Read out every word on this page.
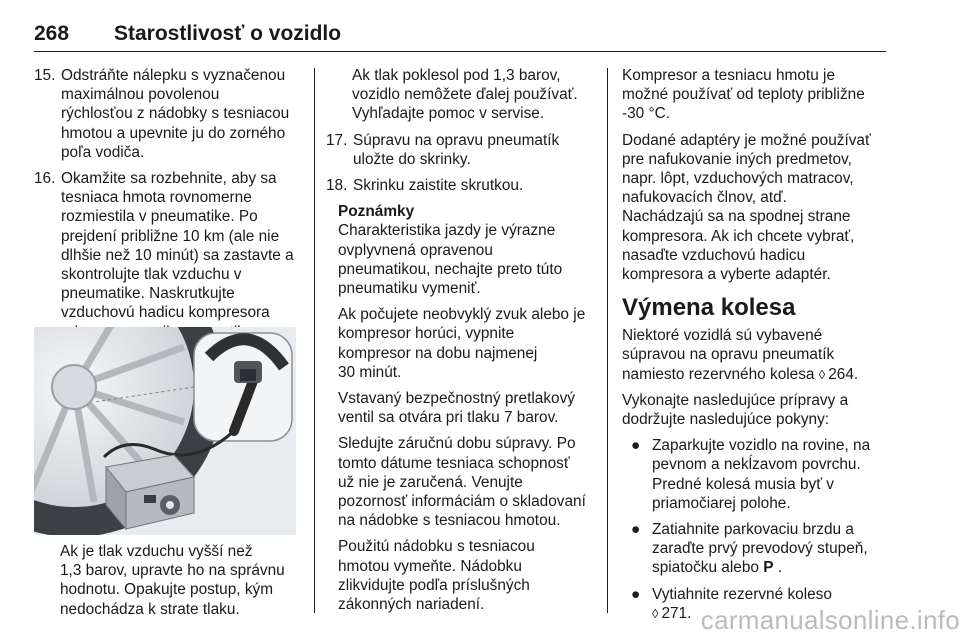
268 Starostlivosť o vozidlo
15. Odstráňte nálepku s vyznačenou
maximálnou povolenou
rýchlosťou z nádobky s tesniacou
hmotou a upevnite ju do zorného
poľa vodiča.
16. Okamžite sa rozbehnite, aby sa
tesniaca hmota rovnomerne
rozmiestila v pneumatike. Po
prejdení približne 10 km (ale nie
dlhšie než 10 minút) sa zastavte a
skontrolujte tlak vzduchu v
pneumatike. Naskrutkujte
vzduchovú hadicu kompresora
Ak je tlak vzduchu vyšší než
1,3 barov, upravte ho na správnu
hodnotu. Opakujte postup, kým
nedochádza k strate tlaku.
Ak tlak poklesol pod 1,3 barov,
vozidlo nemôžete ďalej používať.
Vyhľadajte pomoc v servise.
17. Súpravu na opravu pneumatík
uložte do skrinky.
18. Skrinku zaistite skrutkou.
Poznámky
Charakteristika jazdy je výrazne
ovplyvnená opravenou
pneumatikou, nechajte preto túto
pneumatiku vymeniť.
Ak počujete neobvyklý zvuk alebo je
kompresor horúci, vypnite
kompresor na dobu najmenej
30 minút.
Vstavaný bezpečnostný pretlakový
ventil sa otvára pri tlaku 7 barov.
Sledujte záručnú dobu súpravy. Po
tomto dátume tesniaca schopnosť
už nie je zaručená. Venujte
pozornosť informáciám o skladovaní
na nádobke s tesniacou hmotou.
Použitú nádobku s tesniacou
hmotou vymeňte. Nádobku
zlikvidujte podľa príslušných
zákonných nariadení.
Kompresor a tesniacu hmotu je
možné používať od teploty približne
-30 °C.
Dodané adaptéry je možné používať
pre nafukovanie iných predmetov,
napr. lôpt, vzduchových matracov,
nafukovacích člnov, atď.
Nachádzajú sa na spodnej strane
kompresora. Ak ich chcete vybrať,
nasaďte vzduchovú hadicu
kompresora a vyberte adaptér.
Výmena kolesa
Niektoré vozidlá sú vybavené
súpravou na opravu pneumatík
namiesto rezervného kolesa ◊ 264.
Vykonajte nasledujúce prípravy a
dodržujte nasledujúce pokyny:
● Zaparkujte vozidlo na rovine, na
pevnom a nekĺzavom povrchu.
Predné kolesá musia byť v
priamočiarej polohe.
● Zatiahnite parkovaciu brzdu a
zaraďte prvý prevodový stupeň,
spiatočku alebo P .
● Vytiahnite rezervné koleso
◊ 271. carmanualsonline.info
